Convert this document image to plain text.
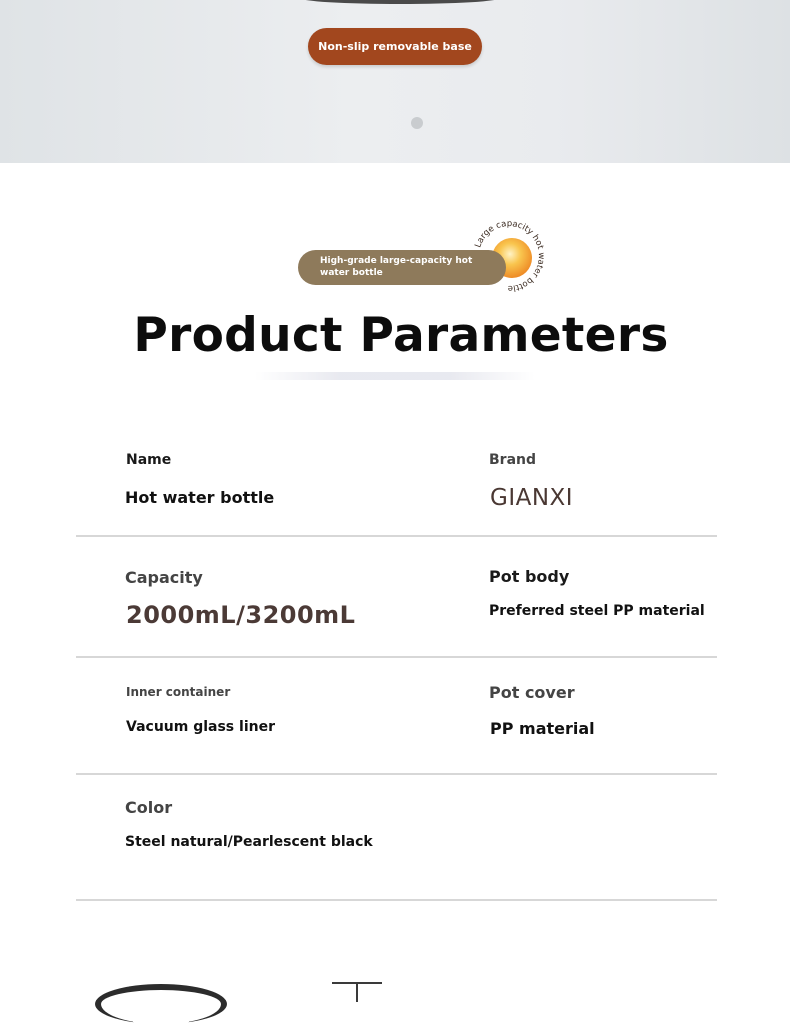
Non-slip removable base
Large capacity hot water bottle
High-grade large-capacity hot
water bottle
Product Parameters
Name
Hot water bottle
Brand
GIANXI
Capacity
2000mL/3200mL
Pot body
Preferred steel PP material
Inner container
Vacuum glass liner
Pot cover
PP material
Color
Steel natural/Pearlescent black
